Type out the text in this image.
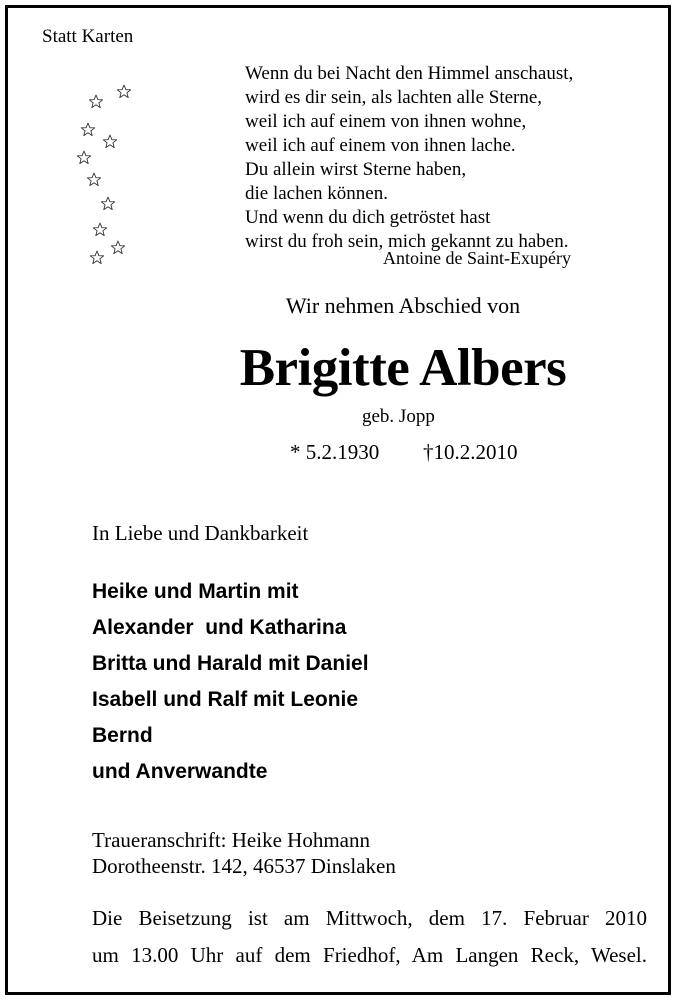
Statt Karten
Wenn du bei Nacht den Himmel anschaust,
wird es dir sein, als lachten alle Sterne,
weil ich auf einem von ihnen wohne,
weil ich auf einem von ihnen lache.
Du allein wirst Sterne haben,
die lachen können.
Und wenn du dich getröstet hast
wirst du froh sein, mich gekannt zu haben.
Antoine de Saint-Exupéry
Wir nehmen Abschied von
Brigitte Albers
geb. Jopp
* 5.2.1930 †10.2.2010
In Liebe und Dankbarkeit
Heike und Martin mit
Alexander  und Katharina
Britta und Harald mit Daniel
Isabell und Ralf mit Leonie
Bernd
und Anverwandte
Traueranschrift: Heike Hohmann
Dorotheenstr. 142, 46537 Dinslaken
Die Beisetzung ist am Mittwoch, dem 17. Februar 2010
um 13.00 Uhr auf dem Friedhof, Am Langen Reck, Wesel.
